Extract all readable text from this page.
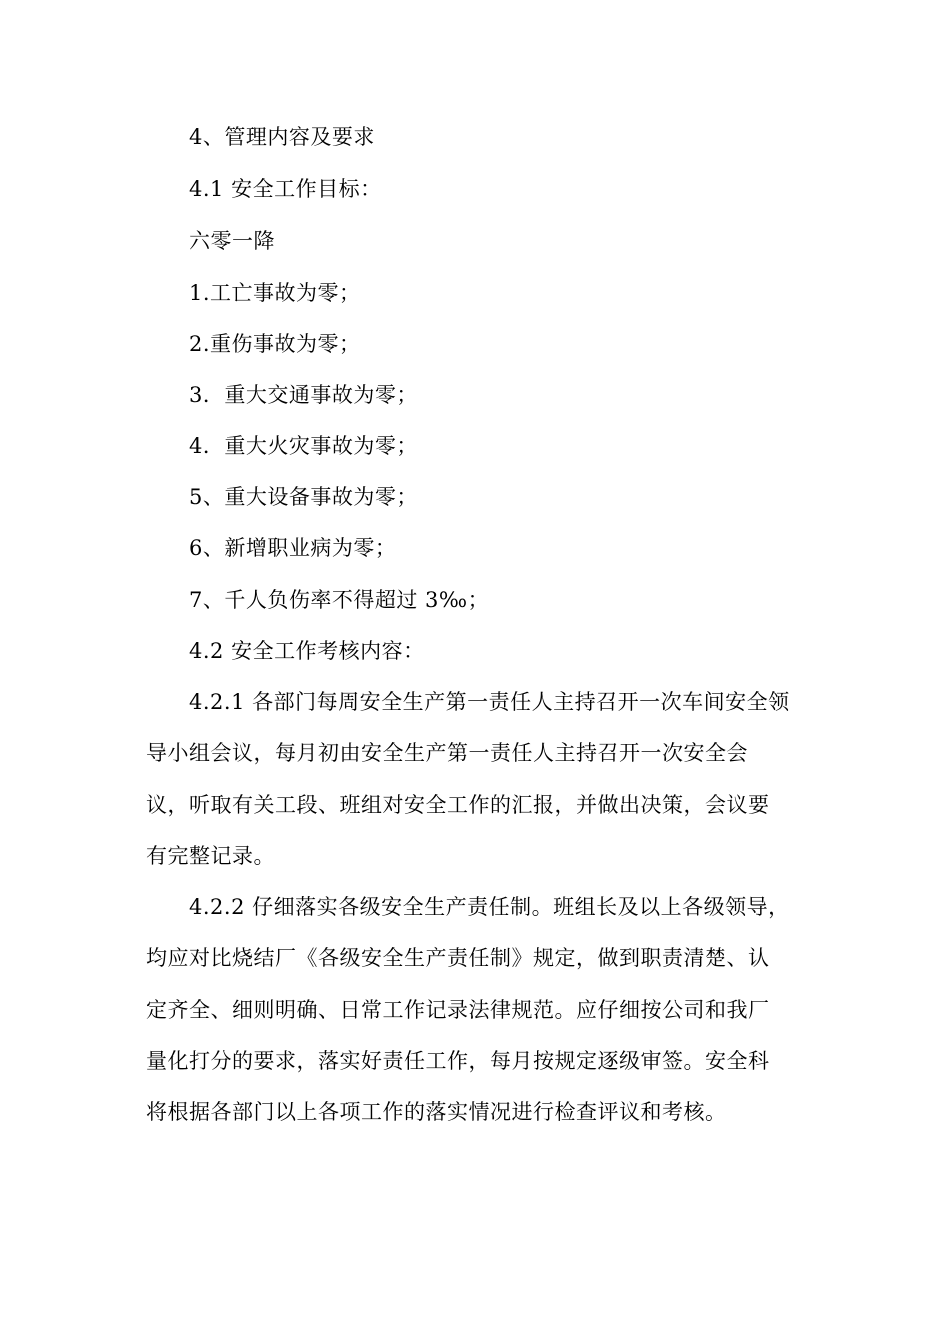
4、管理内容及要求
4.1 安全工作目标：
六零一降
1.工亡事故为零；
2.重伤事故为零；
3．重大交通事故为零；
4．重大火灾事故为零；
5、重大设备事故为零；
6、新增职业病为零；
7、千人负伤率不得超过 3‰；
4.2 安全工作考核内容：
4.2.1 各部门每周安全生产第一责任人主持召开一次车间安全领
导小组会议，每月初由安全生产第一责任人主持召开一次安全会
议，听取有关工段、班组对安全工作的汇报，并做出决策，会议要
有完整记录。
4.2.2 仔细落实各级安全生产责任制。班组长及以上各级领导，
均应对比烧结厂《各级安全生产责任制》规定，做到职责清楚、认
定齐全、细则明确、日常工作记录法律规范。应仔细按公司和我厂
量化打分的要求，落实好责任工作，每月按规定逐级审签。安全科
将根据各部门以上各项工作的落实情况进行检查评议和考核。
